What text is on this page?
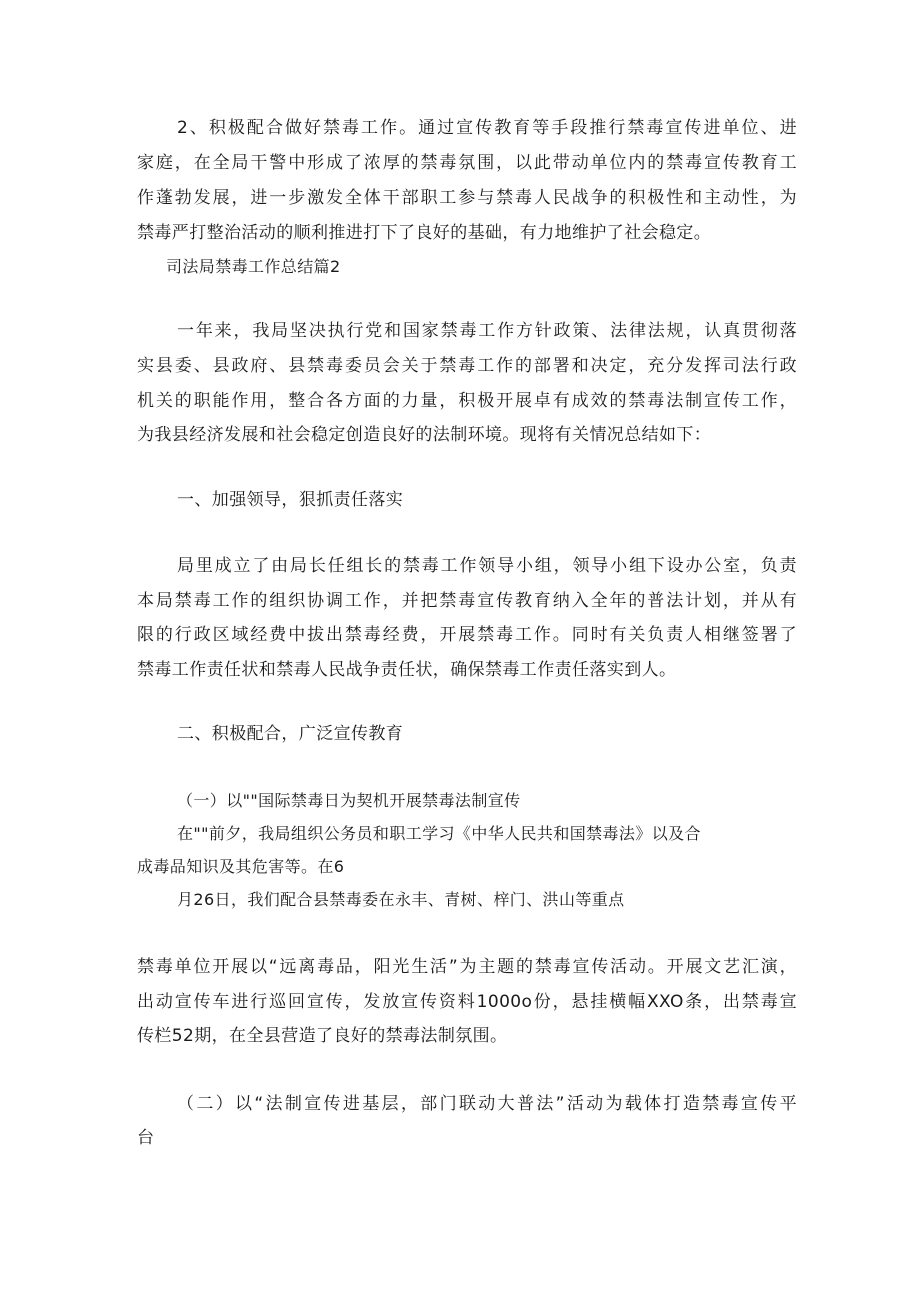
2、积极配合做好禁毒工作。通过宣传教育等手段推行禁毒宣传进单位、进
家庭，在全局干警中形成了浓厚的禁毒氛围，以此带动单位内的禁毒宣传教育工
作蓬勃发展，进一步激发全体干部职工参与禁毒人民战争的积极性和主动性，为
禁毒严打整治活动的顺利推进打下了良好的基础，有力地维护了社会稳定。
司法局禁毒工作总结篇2
一年来，我局坚决执行党和国家禁毒工作方针政策、法律法规，认真贯彻落
实县委、县政府、县禁毒委员会关于禁毒工作的部署和决定，充分发挥司法行政
机关的职能作用，整合各方面的力量，积极开展卓有成效的禁毒法制宣传工作，
为我县经济发展和社会稳定创造良好的法制环境。现将有关情况总结如下：
一、加强领导，狠抓责任落实
局里成立了由局长任组长的禁毒工作领导小组，领导小组下设办公室，负责
本局禁毒工作的组织协调工作，并把禁毒宣传教育纳入全年的普法计划，并从有
限的行政区域经费中拔出禁毒经费，开展禁毒工作。同时有关负责人相继签署了
禁毒工作责任状和禁毒人民战争责任状，确保禁毒工作责任落实到人。
二、积极配合，广泛宣传教育
（一）以""国际禁毒日为契机开展禁毒法制宣传
在""前夕，我局组织公务员和职工学习《中华人民共和国禁毒法》以及合
成毒品知识及其危害等。在6
月26日，我们配合县禁毒委在永丰、青树、梓门、洪山等重点
禁毒单位开展以“远离毒品，阳光生活”为主题的禁毒宣传活动。开展文艺汇演，
出动宣传车进行巡回宣传，发放宣传资料1000o份，悬挂横幅XXO条，出禁毒宣
传栏52期，在全县营造了良好的禁毒法制氛围。
（二）以“法制宣传进基层，部门联动大普法”活动为载体打造禁毒宣传平
台
